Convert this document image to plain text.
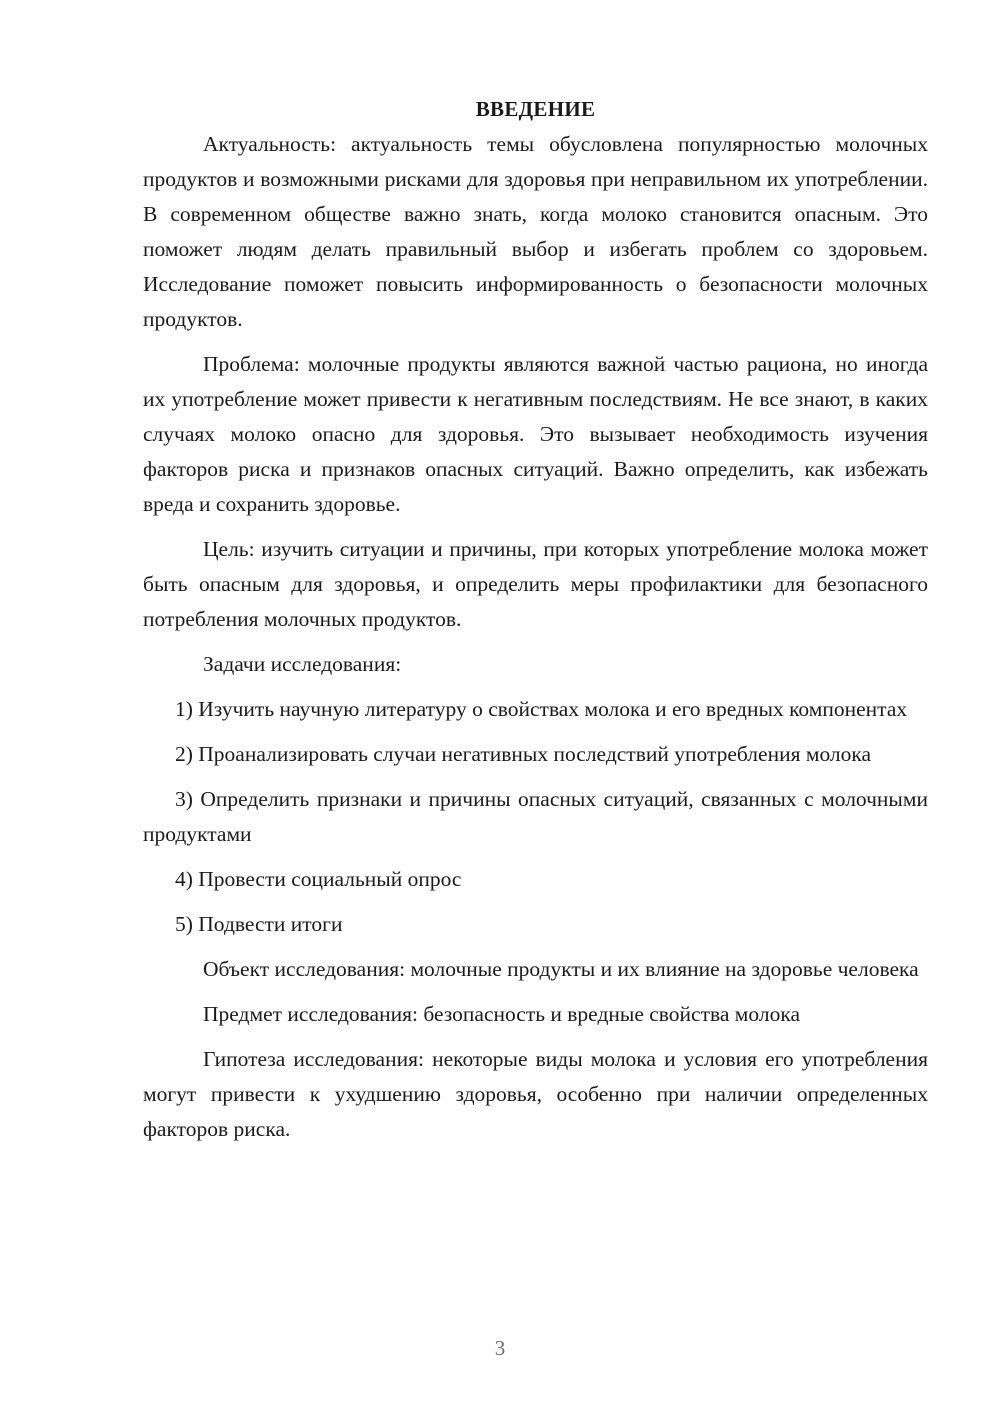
ВВЕДЕНИЕ

Актуальность: актуальность темы обусловлена популярностью молочных продуктов и возможными рисками для здоровья при неправильном их употреблении. В современном обществе важно знать, когда молоко становится опасным. Это поможет людям делать правильный выбор и избегать проблем со здоровьем. Исследование поможет повысить информированность о безопасности молочных продуктов.

Проблема: молочные продукты являются важной частью рациона, но иногда их употребление может привести к негативным последствиям. Не все знают, в каких случаях молоко опасно для здоровья. Это вызывает необходимость изучения факторов риска и признаков опасных ситуаций. Важно определить, как избежать вреда и сохранить здоровье.

Цель: изучить ситуации и причины, при которых употребление молока может быть опасным для здоровья, и определить меры профилактики для безопасного потребления молочных продуктов.

Задачи исследования:

1) Изучить научную литературу о свойствах молока и его вредных компонентах

2) Проанализировать случаи негативных последствий употребления молока

3) Определить признаки и причины опасных ситуаций, связанных с молочными продуктами

4) Провести социальный опрос

5) Подвести итоги

Объект исследования: молочные продукты и их влияние на здоровье человека

Предмет исследования: безопасность и вредные свойства молока

Гипотеза исследования: некоторые виды молока и условия его употребления могут привести к ухудшению здоровья, особенно при наличии определенных факторов риска.

3
